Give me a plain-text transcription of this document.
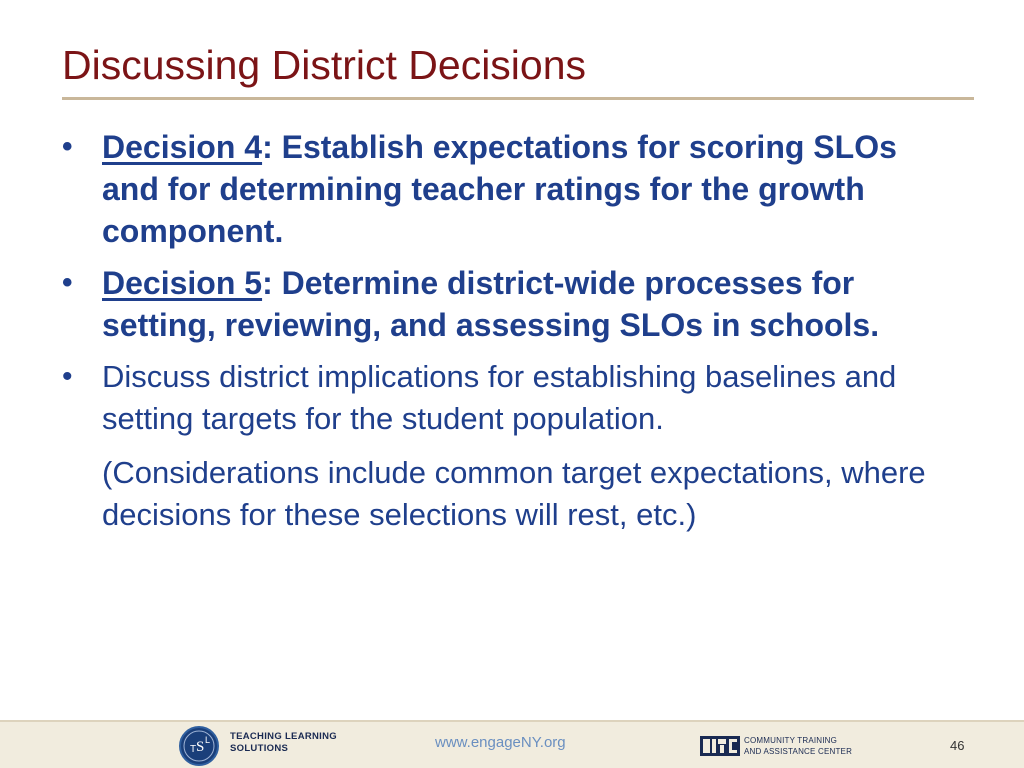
Discussing District Decisions
• Decision 4: Establish expectations for scoring SLOs and for determining teacher ratings for the growth component.
• Decision 5: Determine district-wide processes for setting, reviewing, and assessing SLOs in schools.
• Discuss district implications for establishing baselines and setting targets for the student population.
(Considerations include common target expectations, where decisions for these selections will rest, etc.)
T S L TEACHING LEARNING
SOLUTIONS	www.engageNY.org	COMMUNITY TRAINING
AND ASSISTANCE CENTER	46
